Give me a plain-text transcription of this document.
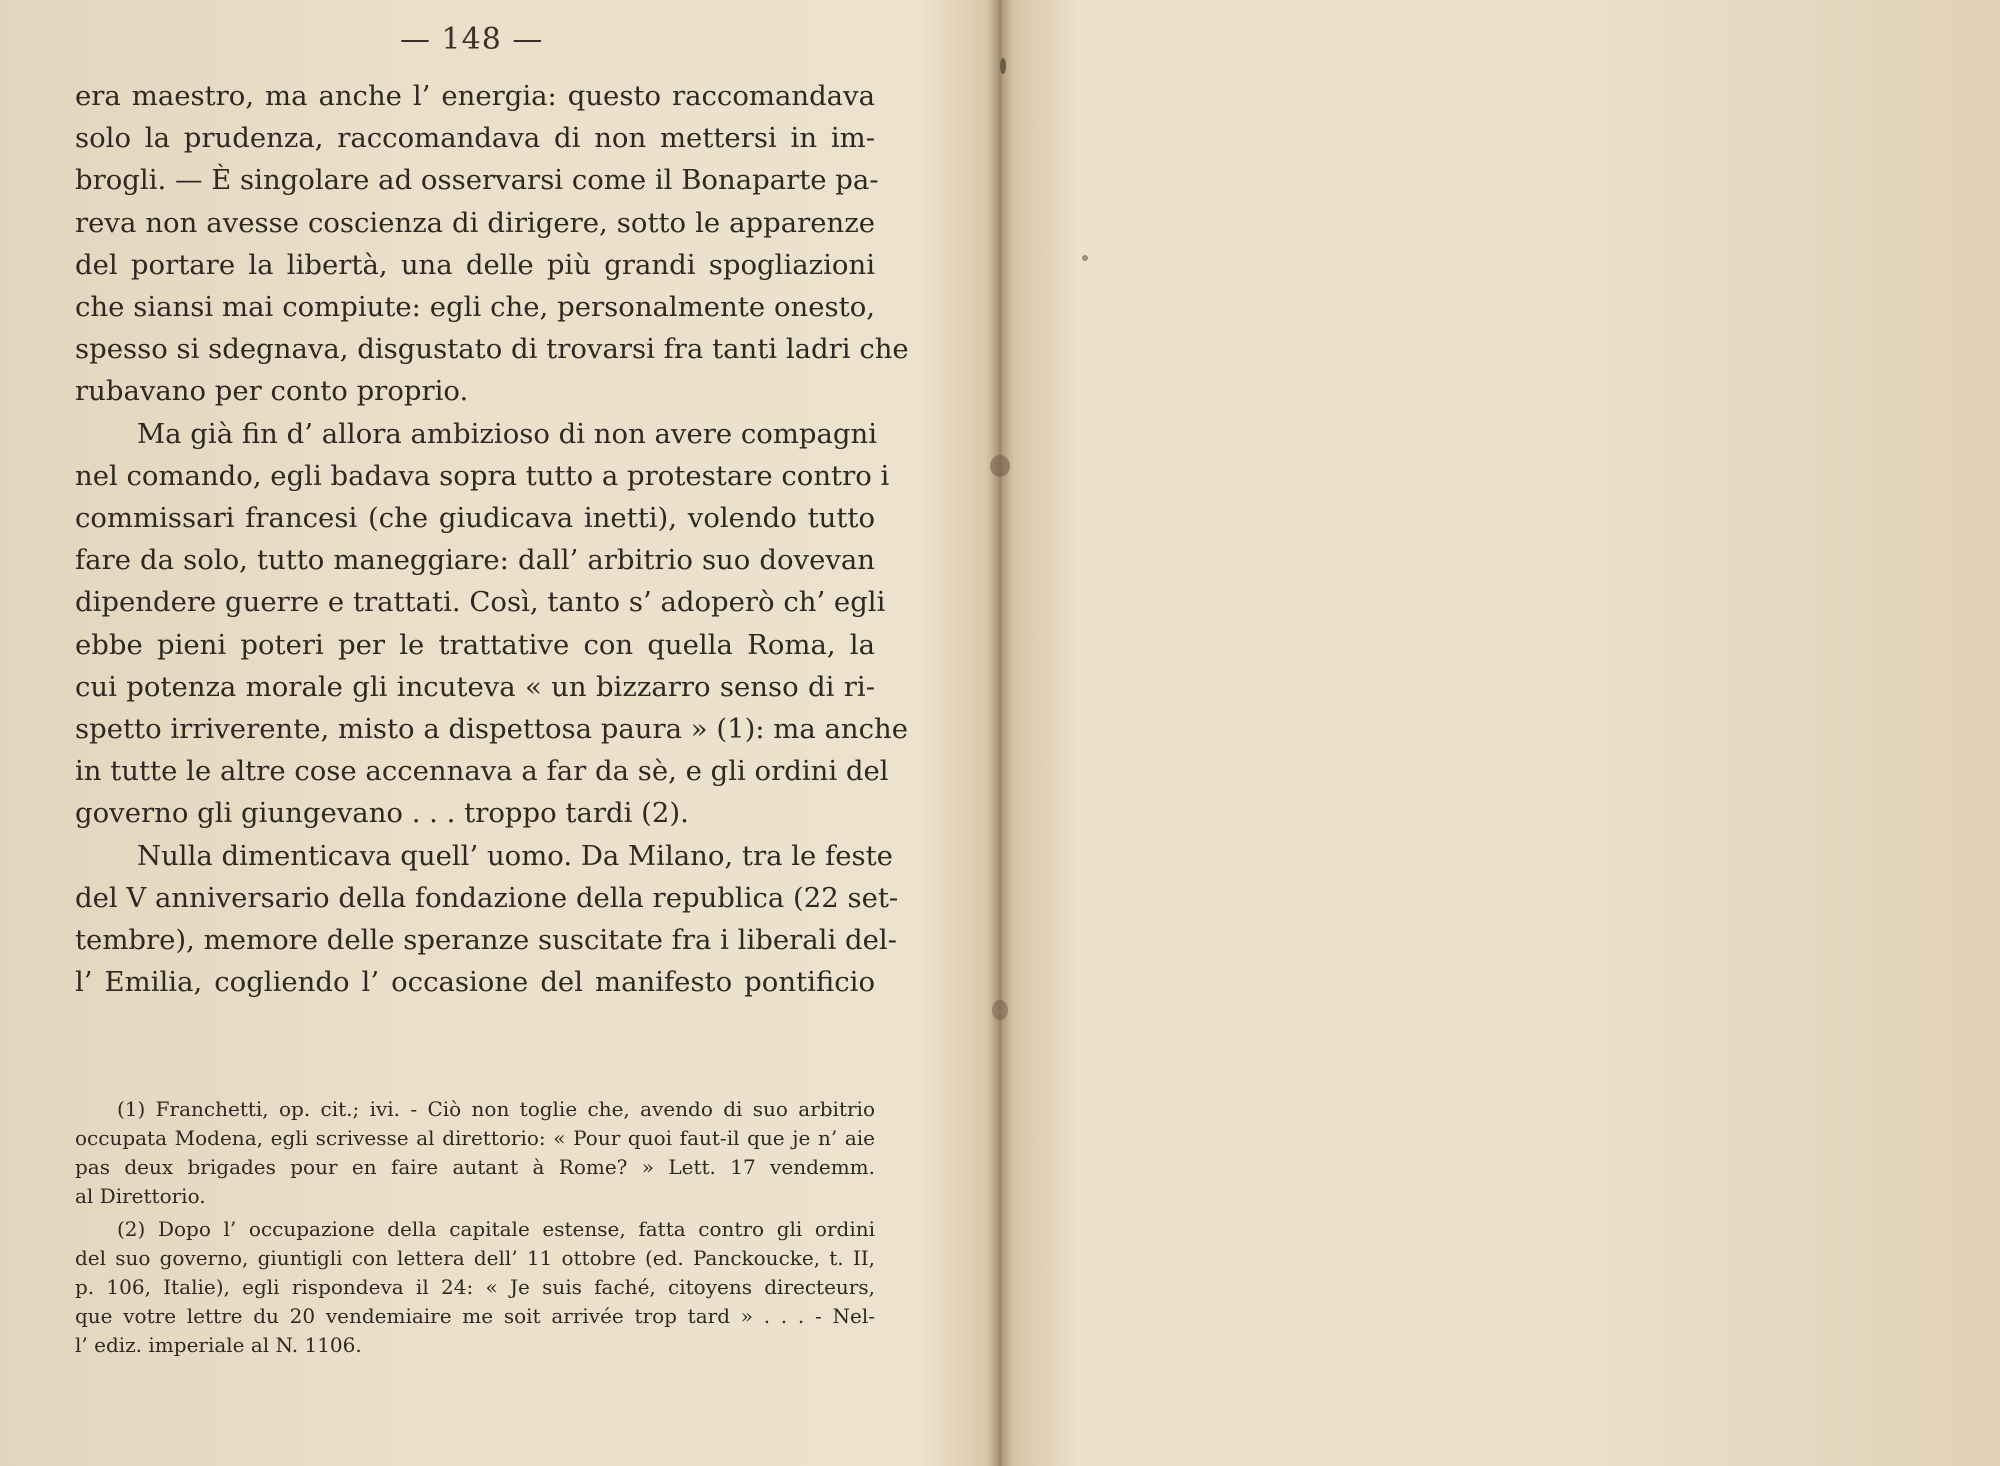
— 148 —
era maestro, ma anche l’ energia: questo raccomandava
solo la prudenza, raccomandava di non mettersi in im-
brogli. — È singolare ad osservarsi come il Bonaparte pa-
reva non avesse coscienza di dirigere, sotto le apparenze
del portare la libertà, una delle più grandi spogliazioni
che siansi mai compiute: egli che, personalmente onesto,
spesso si sdegnava, disgustato di trovarsi fra tanti ladri che
rubavano per conto proprio.
Ma già fin d’ allora ambizioso di non avere compagni
nel comando, egli badava sopra tutto a protestare contro i
commissari francesi (che giudicava inetti), volendo tutto
fare da solo, tutto maneggiare: dall’ arbitrio suo dovevan
dipendere guerre e trattati. Così, tanto s’ adoperò ch’ egli
ebbe pieni poteri per le trattative con quella Roma, la
cui potenza morale gli incuteva « un bizzarro senso di ri-
spetto irriverente, misto a dispettosa paura » (1): ma anche
in tutte le altre cose accennava a far da sè, e gli ordini del
governo gli giungevano . . . troppo tardi (2).
Nulla dimenticava quell’ uomo. Da Milano, tra le feste
del V anniversario della fondazione della republica (22 set-
tembre), memore delle speranze suscitate fra i liberali del-
l’ Emilia, cogliendo l’ occasione del manifesto pontificio
(1) Franchetti, op. cit.; ivi. - Ciò non toglie che, avendo di suo arbitrio
occupata Modena, egli scrivesse al direttorio: « Pour quoi faut-il que je n’ aie
pas deux brigades pour en faire autant à Rome? » Lett. 17 vendemm.
al Direttorio.
(2) Dopo l’ occupazione della capitale estense, fatta contro gli ordini
del suo governo, giuntigli con lettera dell’ 11 ottobre (ed. Panckoucke, t. II,
p. 106, Italie), egli rispondeva il 24: « Je suis faché, citoyens directeurs,
que votre lettre du 20 vendemiaire me soit arrivée trop tard » . . . - Nel-
l’ ediz. imperiale al N. 1106.
